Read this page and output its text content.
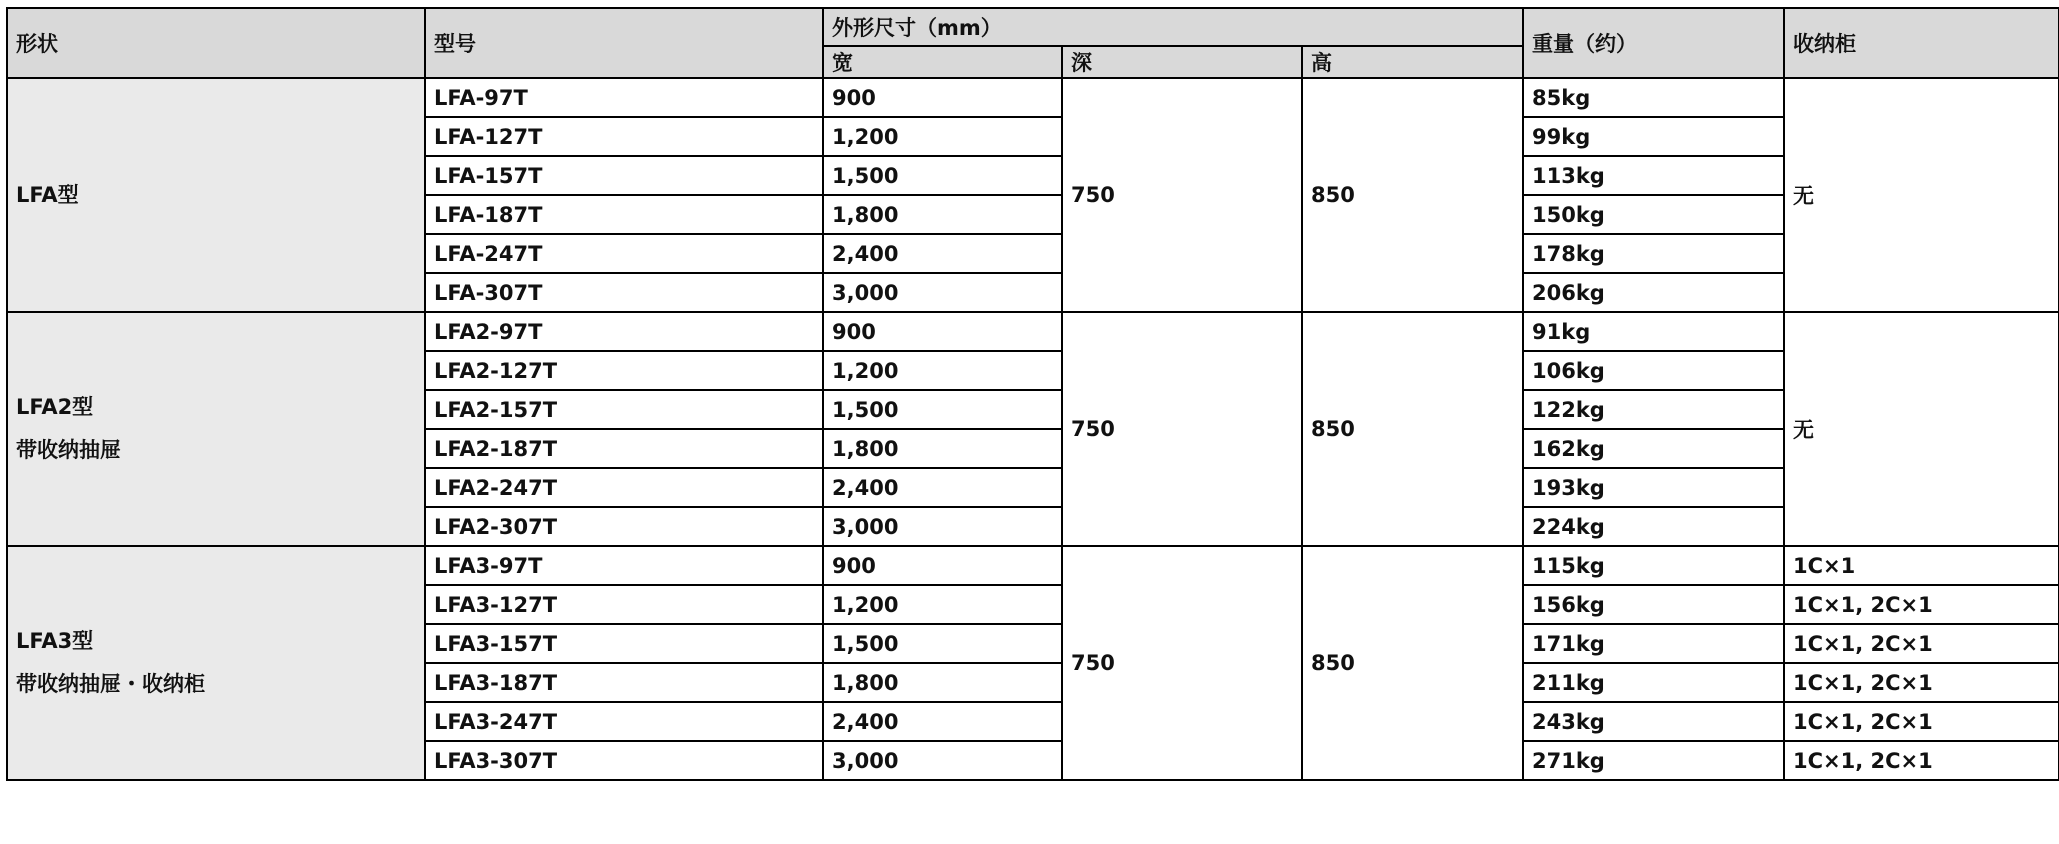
形状	型号	外形尺寸（mm）			重量（约）	收纳柜
		宽	深	高		

LFA型	LFA-97T	900	750	850	85kg	无
	LFA-127T	1,200			99kg	
	LFA-157T	1,500			113kg	
	LFA-187T	1,800			150kg	
	LFA-247T	2,400			178kg	
	LFA-307T	3,000			206kg	

LFA2型
带收纳抽屉	LFA2-97T	900	750	850	91kg	无
	LFA2-127T	1,200			106kg	
	LFA2-157T	1,500			122kg	
	LFA2-187T	1,800			162kg	
	LFA2-247T	2,400			193kg	
	LFA2-307T	3,000			224kg	

LFA3型
带收纳抽屉・收纳柜	LFA3-97T	900	750	850	115kg	1C×1
	LFA3-127T	1,200			156kg	1C×1, 2C×1
	LFA3-157T	1,500			171kg	1C×1, 2C×1
	LFA3-187T	1,800			211kg	1C×1, 2C×1
	LFA3-247T	2,400			243kg	1C×1, 2C×1
	LFA3-307T	3,000			271kg	1C×1, 2C×1
